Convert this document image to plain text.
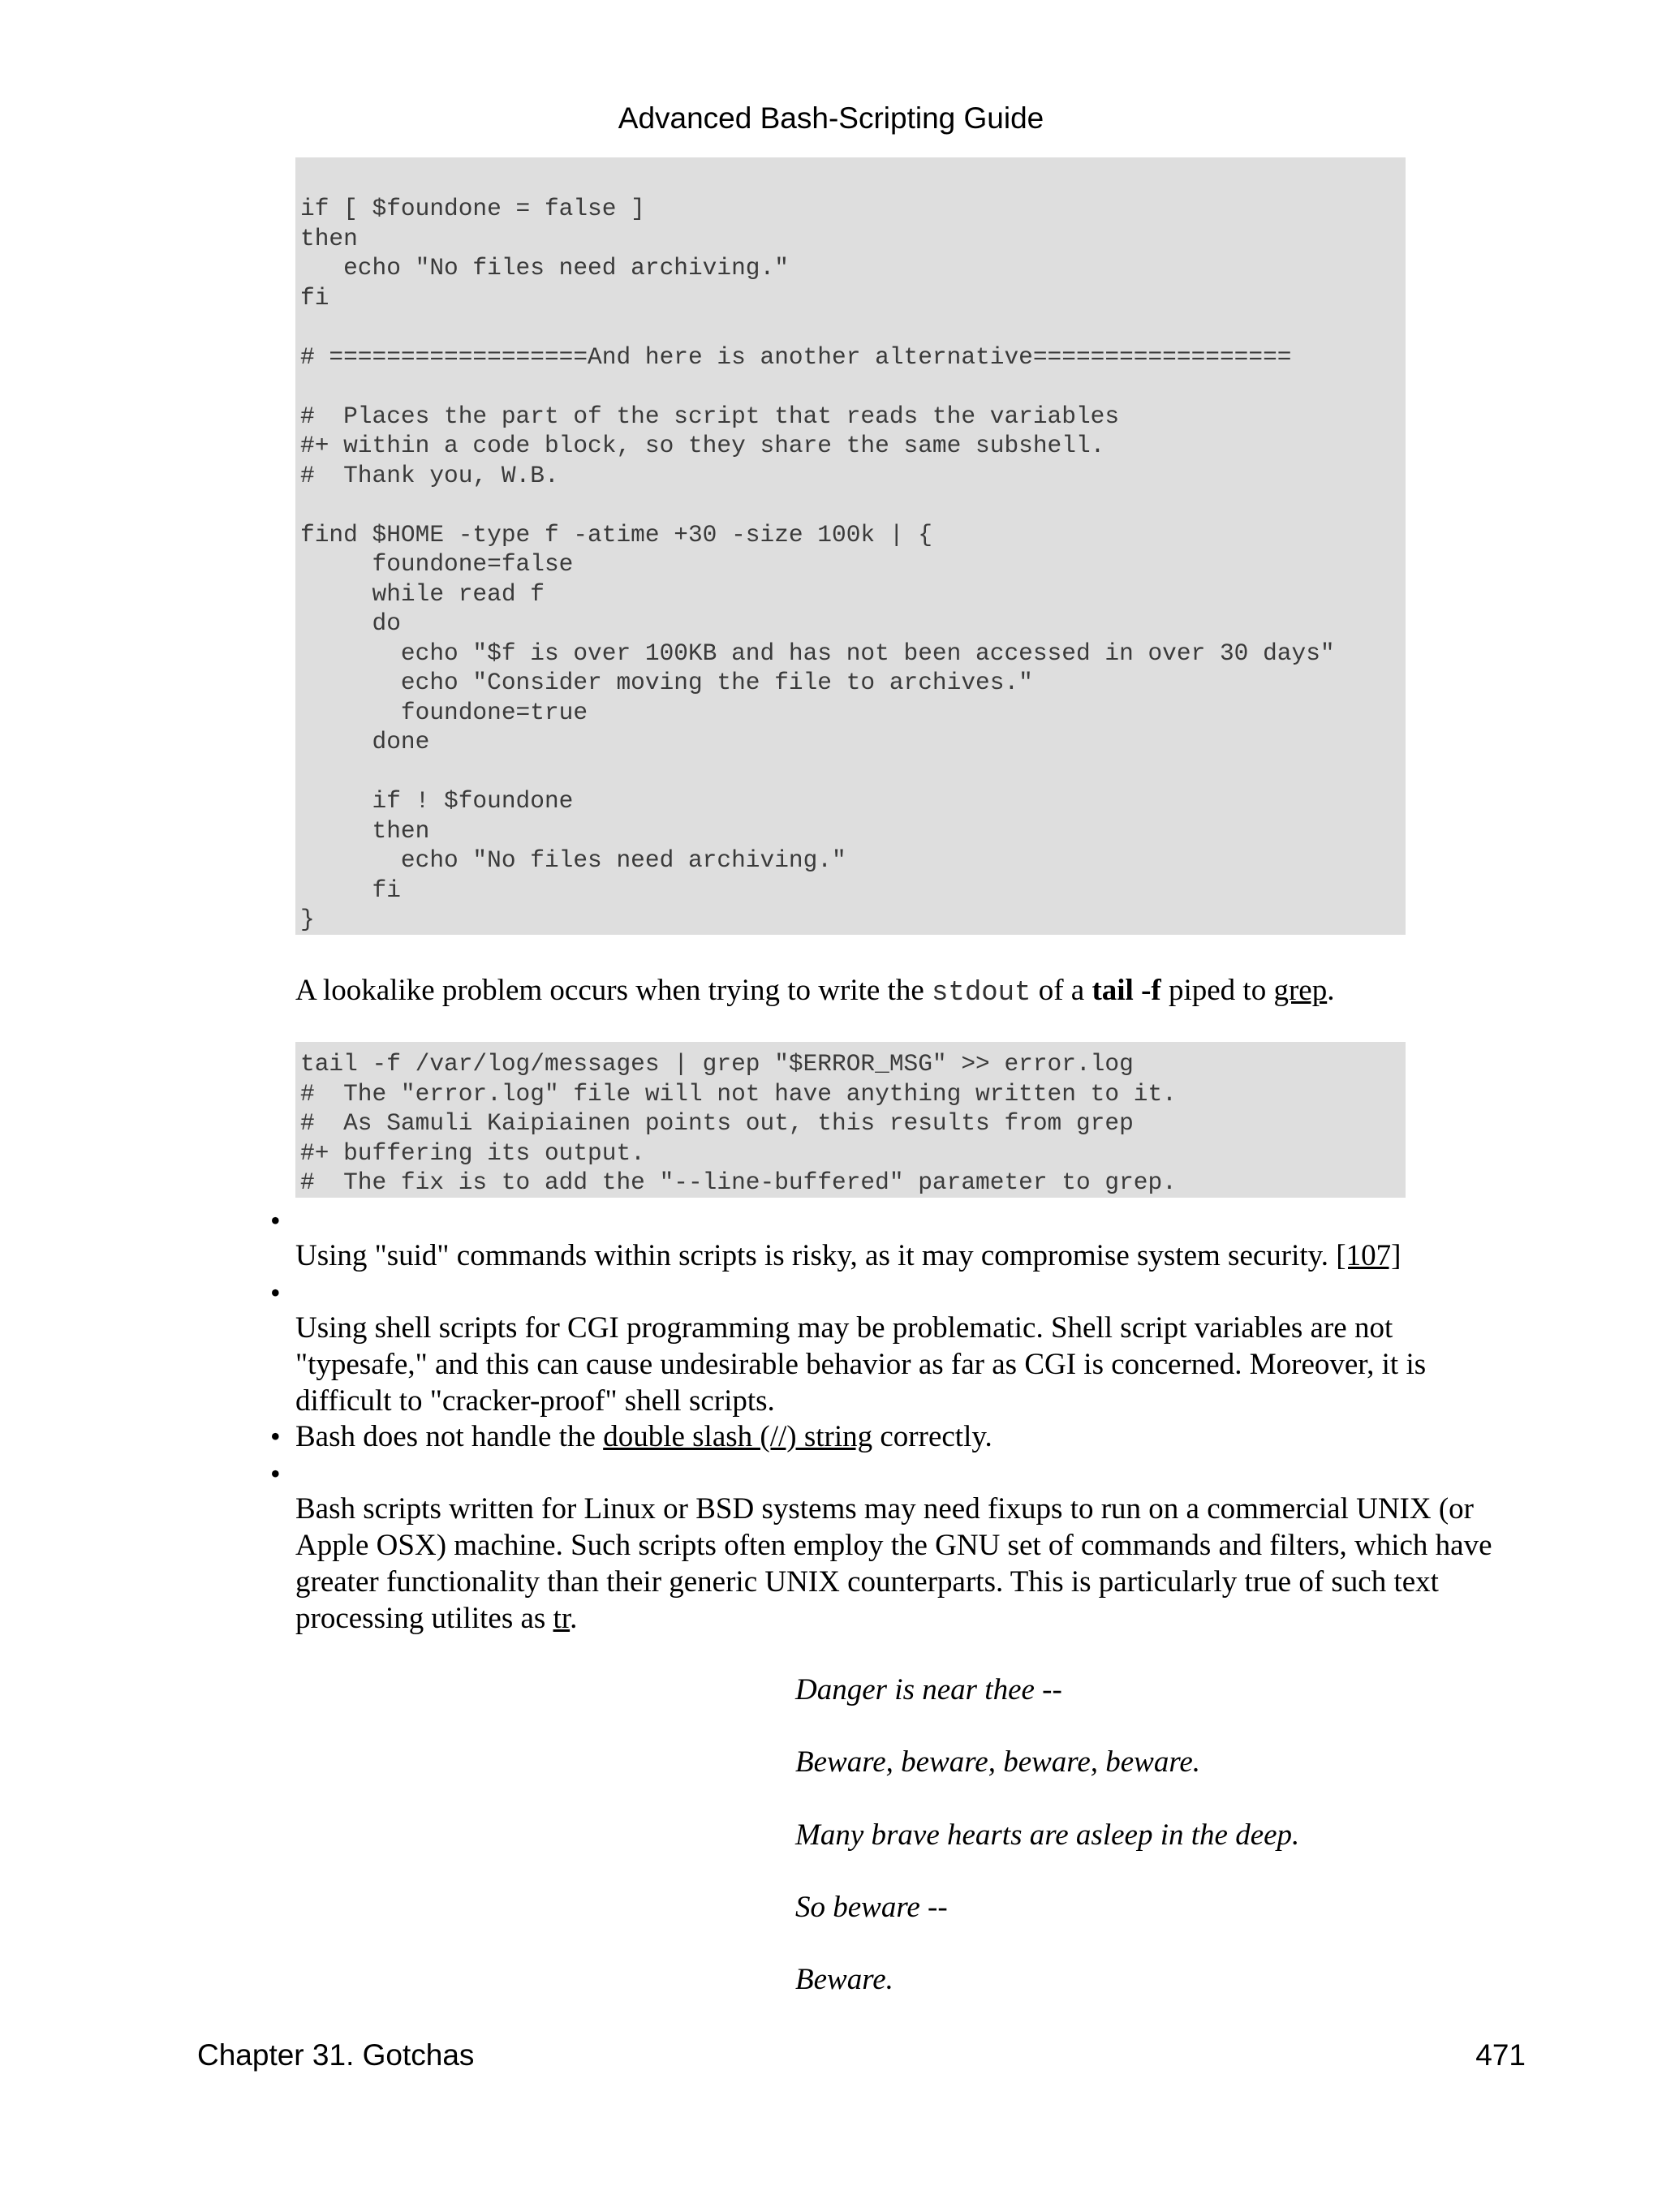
Advanced Bash-Scripting Guide
if [ $foundone = false ]
then
echo "No files need archiving."
fi

# ==================And here is another alternative==================

#  Places the part of the script that reads the variables
#+ within a code block, so they share the same subshell.
#  Thank you, W.B.

find $HOME -type f -atime +30 -size 100k | {
foundone=false
while read f
do
echo "$f is over 100KB and has not been accessed in over 30 days"
echo "Consider moving the file to archives."
foundone=true
done

if ! $foundone
then
echo "No files need archiving."
fi
}
A lookalike problem occurs when trying to write the stdout of a tail -f piped to grep.
tail -f /var/log/messages | grep "$ERROR_MSG" >> error.log
#  The "error.log" file will not have anything written to it.
#  As Samuli Kaipiainen points out, this results from grep
#+ buffering its output.
#  The fix is to add the "--line-buffered" parameter to grep.
•
Using "suid" commands within scripts is risky, as it may compromise system security. [107]
•
Using shell scripts for CGI programming may be problematic. Shell script variables are not "typesafe," and this can cause undesirable behavior as far as CGI is concerned. Moreover, it is difficult to "cracker-proof" shell scripts.
• Bash does not handle the double slash (//) string correctly.
•
Bash scripts written for Linux or BSD systems may need fixups to run on a commercial UNIX (or Apple OSX) machine. Such scripts often employ the GNU set of commands and filters, which have greater functionality than their generic UNIX counterparts. This is particularly true of such text processing utilites as tr.
Danger is near thee --
Beware, beware, beware, beware.
Many brave hearts are asleep in the deep.
So beware --
Beware.
Chapter 31. Gotchas	471
